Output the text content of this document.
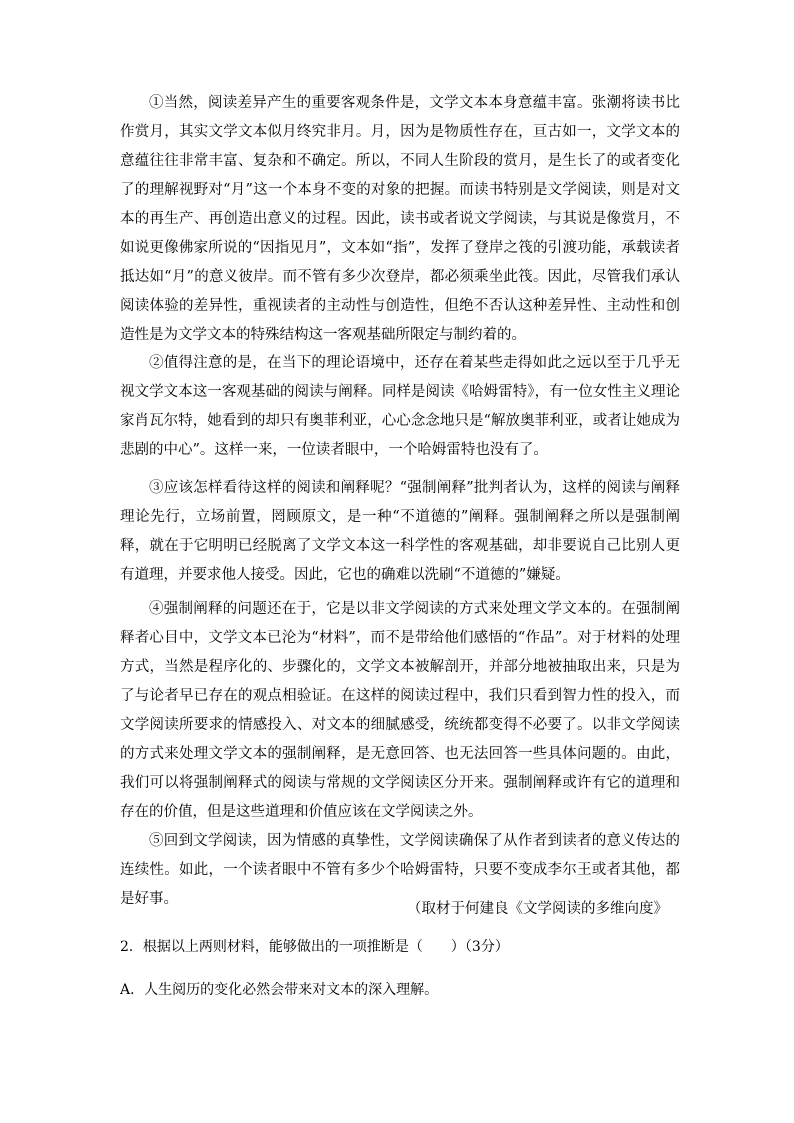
①当然，阅读差异产生的重要客观条件是，文学文本本身意蕴丰富。张潮将读书比作赏月，其实文学文本似月终究非月。月，因为是物质性存在，亘古如一，文学文本的意蕴往往非常丰富、复杂和不确定。所以，不同人生阶段的赏月，是生长了的或者变化了的理解视野对“月”这一个本身不变的对象的把握。而读书特别是文学阅读，则是对文本的再生产、再创造出意义的过程。因此，读书或者说文学阅读，与其说是像赏月，不如说更像佛家所说的“因指见月”，文本如“指”，发挥了登岸之筏的引渡功能，承载读者抵达如“月”的意义彼岸。而不管有多少次登岸，都必须乘坐此筏。因此，尽管我们承认阅读体验的差异性，重视读者的主动性与创造性，但绝不否认这种差异性、主动性和创造性是为文学文本的特殊结构这一客观基础所限定与制约着的。

②值得注意的是，在当下的理论语境中，还存在着某些走得如此之远以至于几乎无视文学文本这一客观基础的阅读与阐释。同样是阅读《哈姆雷特》，有一位女性主义理论家肖瓦尔特，她看到的却只有奥菲利亚，心心念念地只是“解放奥菲利亚，或者让她成为悲剧的中心”。这样一来，一位读者眼中，一个哈姆雷特也没有了。

③应该怎样看待这样的阅读和阐释呢？“强制阐释”批判者认为，这样的阅读与阐释理论先行，立场前置，罔顾原文，是一种“不道德的”阐释。强制阐释之所以是强制阐释，就在于它明明已经脱离了文学文本这一科学性的客观基础，却非要说自己比别人更有道理，并要求他人接受。因此，它也的确难以洗刷“不道德的”嫌疑。

④强制阐释的问题还在于，它是以非文学阅读的方式来处理文学文本的。在强制阐释者心目中，文学文本已沦为“材料”，而不是带给他们感悟的“作品”。对于材料的处理方式，当然是程序化的、步骤化的，文学文本被解剖开，并部分地被抽取出来，只是为了与论者早已存在的观点相验证。在这样的阅读过程中，我们只看到智力性的投入，而文学阅读所要求的情感投入、对文本的细腻感受，统统都变得不必要了。以非文学阅读的方式来处理文学文本的强制阐释，是无意回答、也无法回答一些具体问题的。由此，我们可以将强制阐释式的阅读与常规的文学阅读区分开来。强制阐释或许有它的道理和存在的价值，但是这些道理和价值应该在文学阅读之外。

⑤回到文学阅读，因为情感的真挚性，文学阅读确保了从作者到读者的意义传达的连续性。如此，一个读者眼中不管有多少个哈姆雷特，只要不变成李尔王或者其他，都是好事。

（取材于何建良《文学阅读的多维向度》

2．根据以上两则材料，能够做出的一项推断是（　　）（3分）

A．人生阅历的变化必然会带来对文本的深入理解。
